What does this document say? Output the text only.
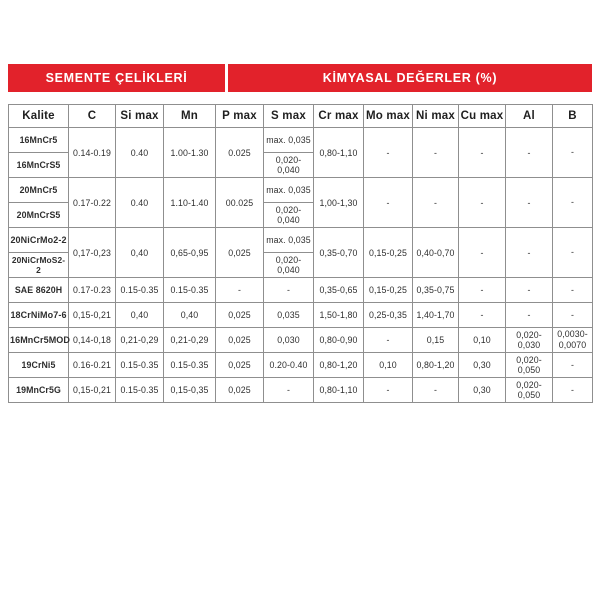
SEMENTE ÇELİKLERİ	KİMYASAL DEĞERLER (%)
Kalite	C	Si max	Mn	P max	S max	Cr max	Mo max	Ni max	Cu max	Al	B
16MnCr5	0.14-0.19	0.40	1.00-1.30	0.025	max. 0,035	0,80-1,10	-	-	-	-	-
16MnCrS5					0,020-0,040						
20MnCr5	0.17-0.22	0.40	1.10-1.40	00.025	max. 0,035	1,00-1,30	-	-	-	-	-
20MnCrS5					0,020-0,040						
20NiCrMo2-2	0,17-0,23	0,40	0,65-0,95	0,025	max. 0,035	0,35-0,70	0,15-0,25	0,40-0,70	-	-	-
20NiCrMoS2-2					0,020-0,040						
SAE 8620H	0.17-0.23	0.15-0.35	0.15-0.35	-	-	0,35-0,65	0,15-0,25	0,35-0,75	-	-	-
18CrNiMo7-6	0,15-0,21	0,40	0,40	0,025	0,035	1,50-1,80	0,25-0,35	1,40-1,70	-	-	-
16MnCr5MOD	0,14-0,18	0,21-0,29	0,21-0,29	0,025	0,030	0,80-0,90	-	0,15	0,10	0,020-0,030	0,0030-0,0070
19CrNi5	0.16-0.21	0.15-0.35	0.15-0.35	0,025	0.20-0.40	0,80-1,20	0,10	0,80-1,20	0,30	0,020-0,050	-
19MnCr5G	0,15-0,21	0.15-0.35	0,15-0,35	0,025	-	0,80-1,10	-	-	0,30	0,020-0,050	-
